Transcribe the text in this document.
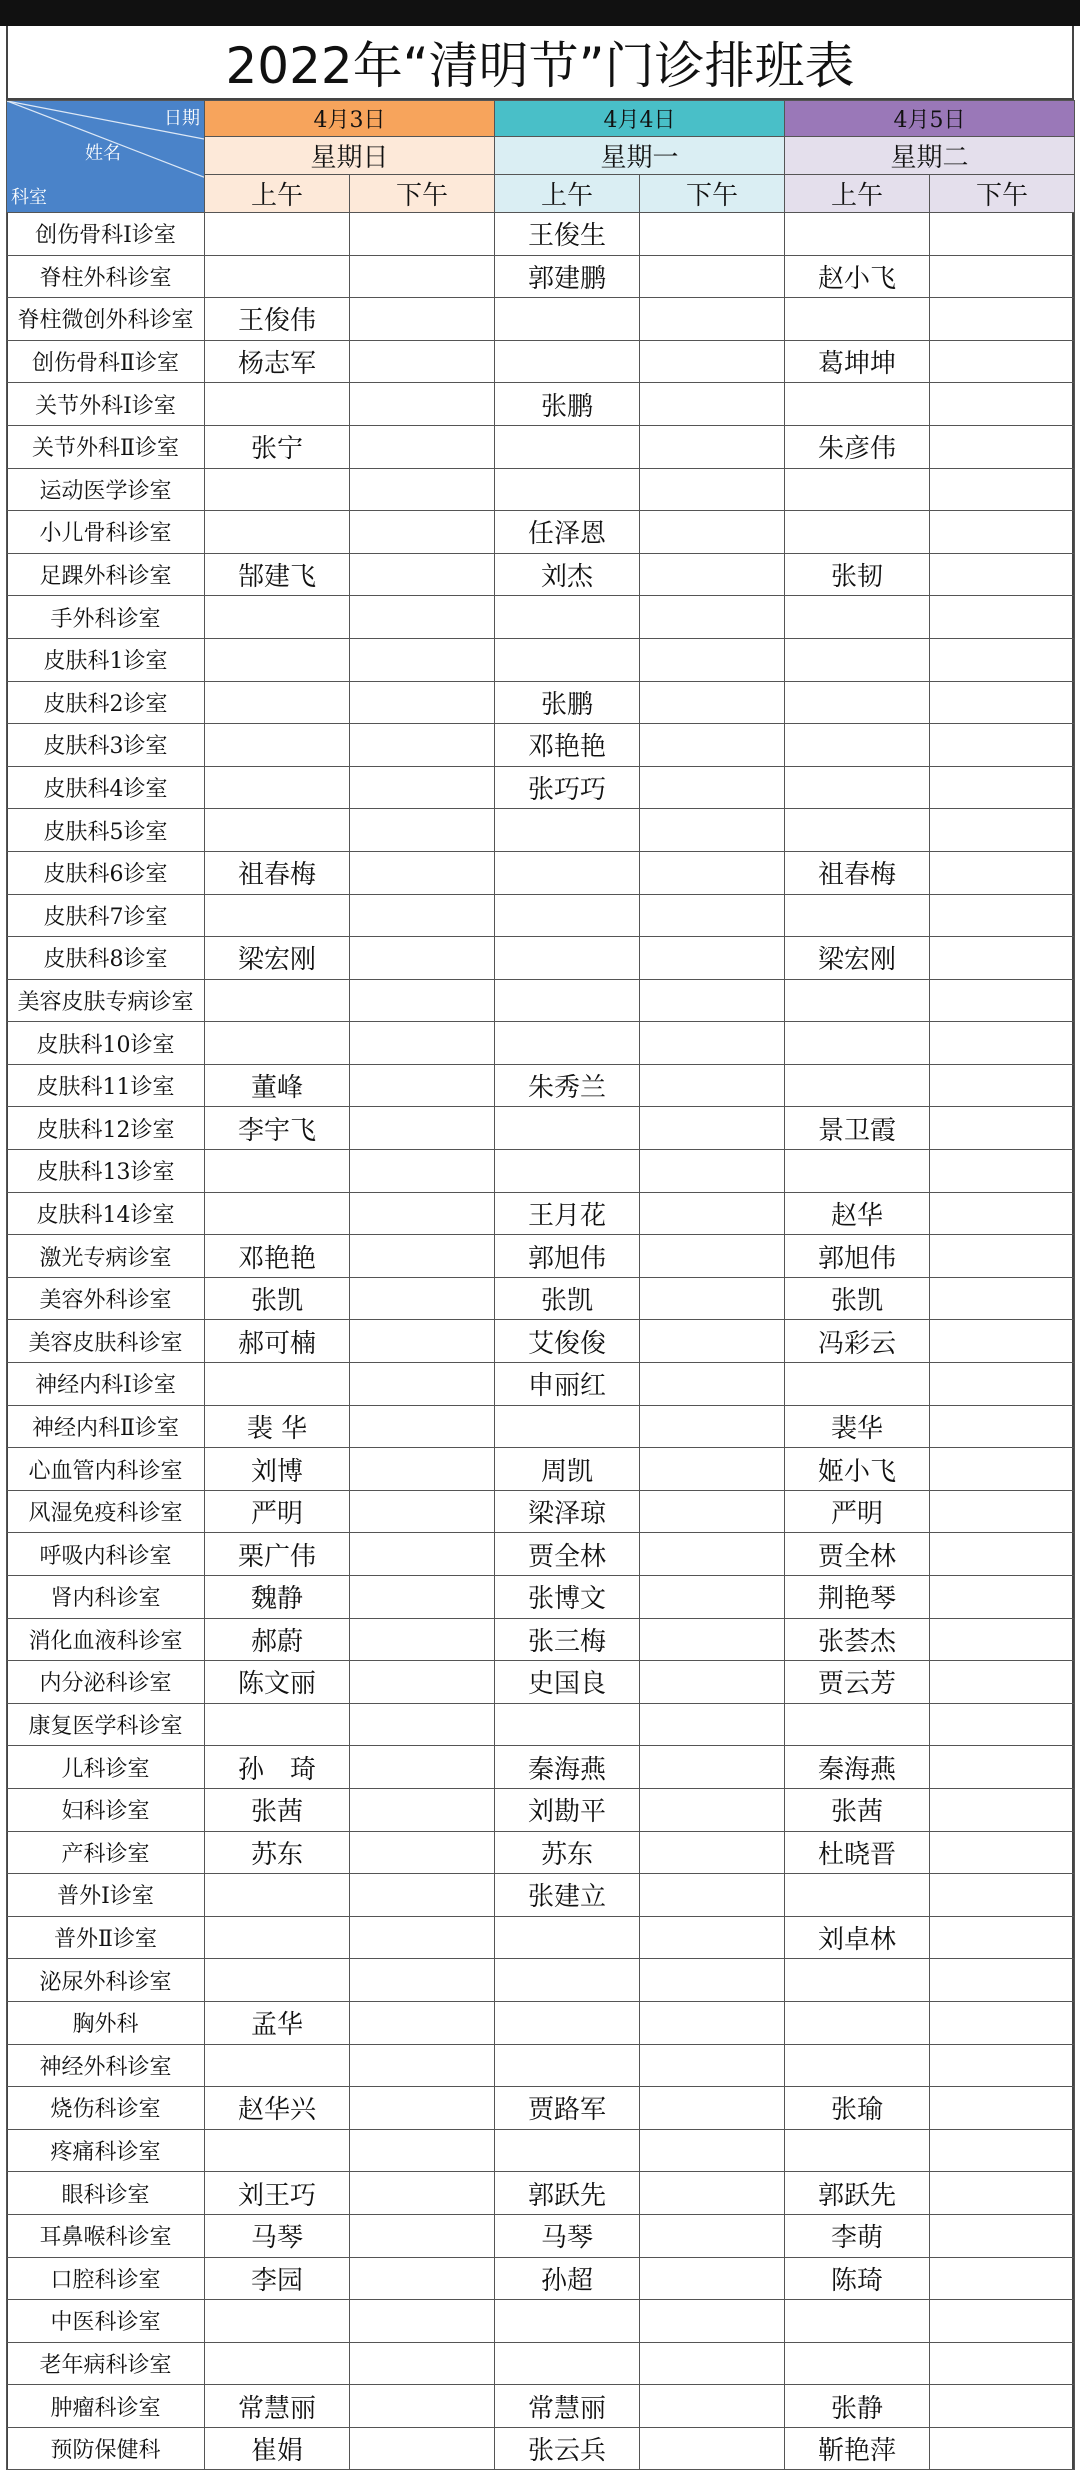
2022年“清明节”门诊排班表
日期
姓名
科室	4月3日		4月4日		4月5日	
	星期日		星期一		星期二	
	上午	下午	上午	下午	上午	下午
创伤骨科Ⅰ诊室			王俊生			
脊柱外科诊室			郭建鹏		赵小飞	
脊柱微创外科诊室	王俊伟					
创伤骨科Ⅱ诊室	杨志军				葛坤坤	
关节外科Ⅰ诊室			张鹏			
关节外科Ⅱ诊室	张宁				朱彦伟	
运动医学诊室						
小儿骨科诊室			任泽恩			
足踝外科诊室	郜建飞		刘杰		张韧	
手外科诊室						
皮肤科1诊室						
皮肤科2诊室			张鹏			
皮肤科3诊室			邓艳艳			
皮肤科4诊室			张巧巧			
皮肤科5诊室						
皮肤科6诊室	祖春梅				祖春梅	
皮肤科7诊室						
皮肤科8诊室	梁宏刚				梁宏刚	
美容皮肤专病诊室						
皮肤科10诊室						
皮肤科11诊室	董峰		朱秀兰			
皮肤科12诊室	李宇飞				景卫霞	
皮肤科13诊室						
皮肤科14诊室			王月花		赵华	
激光专病诊室	邓艳艳		郭旭伟		郭旭伟	
美容外科诊室	张凯		张凯		张凯	
美容皮肤科诊室	郝可楠		艾俊俊		冯彩云	
神经内科Ⅰ诊室			申丽红			
神经内科Ⅱ诊室	裴 华				裴华	
心血管内科诊室	刘博		周凯		姬小飞	
风湿免疫科诊室	严明		梁泽琼		严明	
呼吸内科诊室	栗广伟		贾全林		贾全林	
肾内科诊室	魏静		张博文		荆艳琴	
消化血液科诊室	郝蔚		张三梅		张荟杰	
内分泌科诊室	陈文丽		史国良		贾云芳	
康复医学科诊室						
儿科诊室	孙　琦		秦海燕		秦海燕	
妇科诊室	张茜		刘勘平		张茜	
产科诊室	苏东		苏东		杜晓晋	
普外Ⅰ诊室			张建立			
普外Ⅱ诊室					刘卓林	
泌尿外科诊室						
胸外科	孟华					
神经外科诊室						
烧伤科诊室	赵华兴		贾路军		张瑜	
疼痛科诊室						
眼科诊室	刘王巧		郭跃先		郭跃先	
耳鼻喉科诊室	马琴		马琴		李萌	
口腔科诊室	李园		孙超		陈琦	
中医科诊室						
老年病科诊室						
肿瘤科诊室	常慧丽		常慧丽		张静	
预防保健科	崔娟		张云兵		靳艳萍	
